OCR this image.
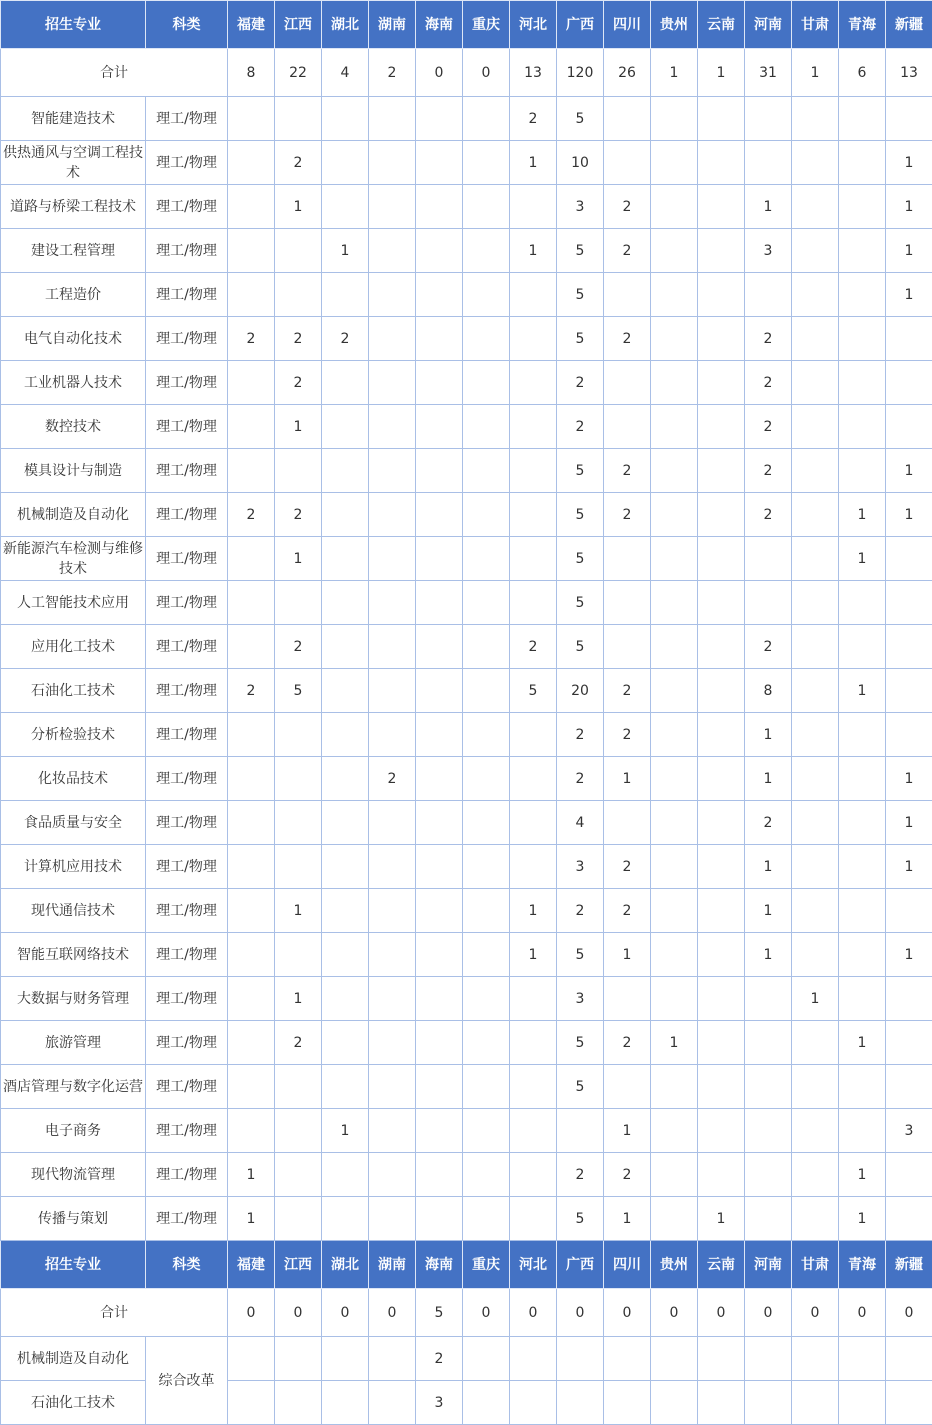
招生专业	科类	福建	江西	湖北	湖南	海南	重庆	河北	广西	四川	贵州	云南	河南	甘肃	青海	新疆
合计		8	22	4	2	0	0	13	120	26	1	1	31	1	6	13
智能建造技术	理工/物理							2	5							
供热通风与空调工程技术	理工/物理		2					1	10							1
道路与桥梁工程技术	理工/物理		1						3	2			1			1
建设工程管理	理工/物理			1				1	5	2			3			1
工程造价	理工/物理								5							1
电气自动化技术	理工/物理	2	2	2					5	2			2			
工业机器人技术	理工/物理		2						2				2			
数控技术	理工/物理		1						2				2			
模具设计与制造	理工/物理								5	2			2			1
机械制造及自动化	理工/物理	2	2						5	2			2		1	1
新能源汽车检测与维修技术	理工/物理		1						5						1	
人工智能技术应用	理工/物理								5							
应用化工技术	理工/物理		2					2	5				2			
石油化工技术	理工/物理	2	5					5	20	2			8		1	
分析检验技术	理工/物理								2	2			1			
化妆品技术	理工/物理				2				2	1			1			1
食品质量与安全	理工/物理								4				2			1
计算机应用技术	理工/物理								3	2			1			1
现代通信技术	理工/物理		1					1	2	2			1			
智能互联网络技术	理工/物理							1	5	1			1			1
大数据与财务管理	理工/物理		1						3					1		
旅游管理	理工/物理		2						5	2	1				1	
酒店管理与数字化运营	理工/物理								5							
电子商务	理工/物理			1						1						3
现代物流管理	理工/物理	1							2	2					1	
传播与策划	理工/物理	1							5	1		1			1	
招生专业	科类	福建	江西	湖北	湖南	海南	重庆	河北	广西	四川	贵州	云南	河南	甘肃	青海	新疆
合计		0	0	0	0	5	0	0	0	0	0	0	0	0	0	0
机械制造及自动化	综合改革					2										
石油化工技术						3										
